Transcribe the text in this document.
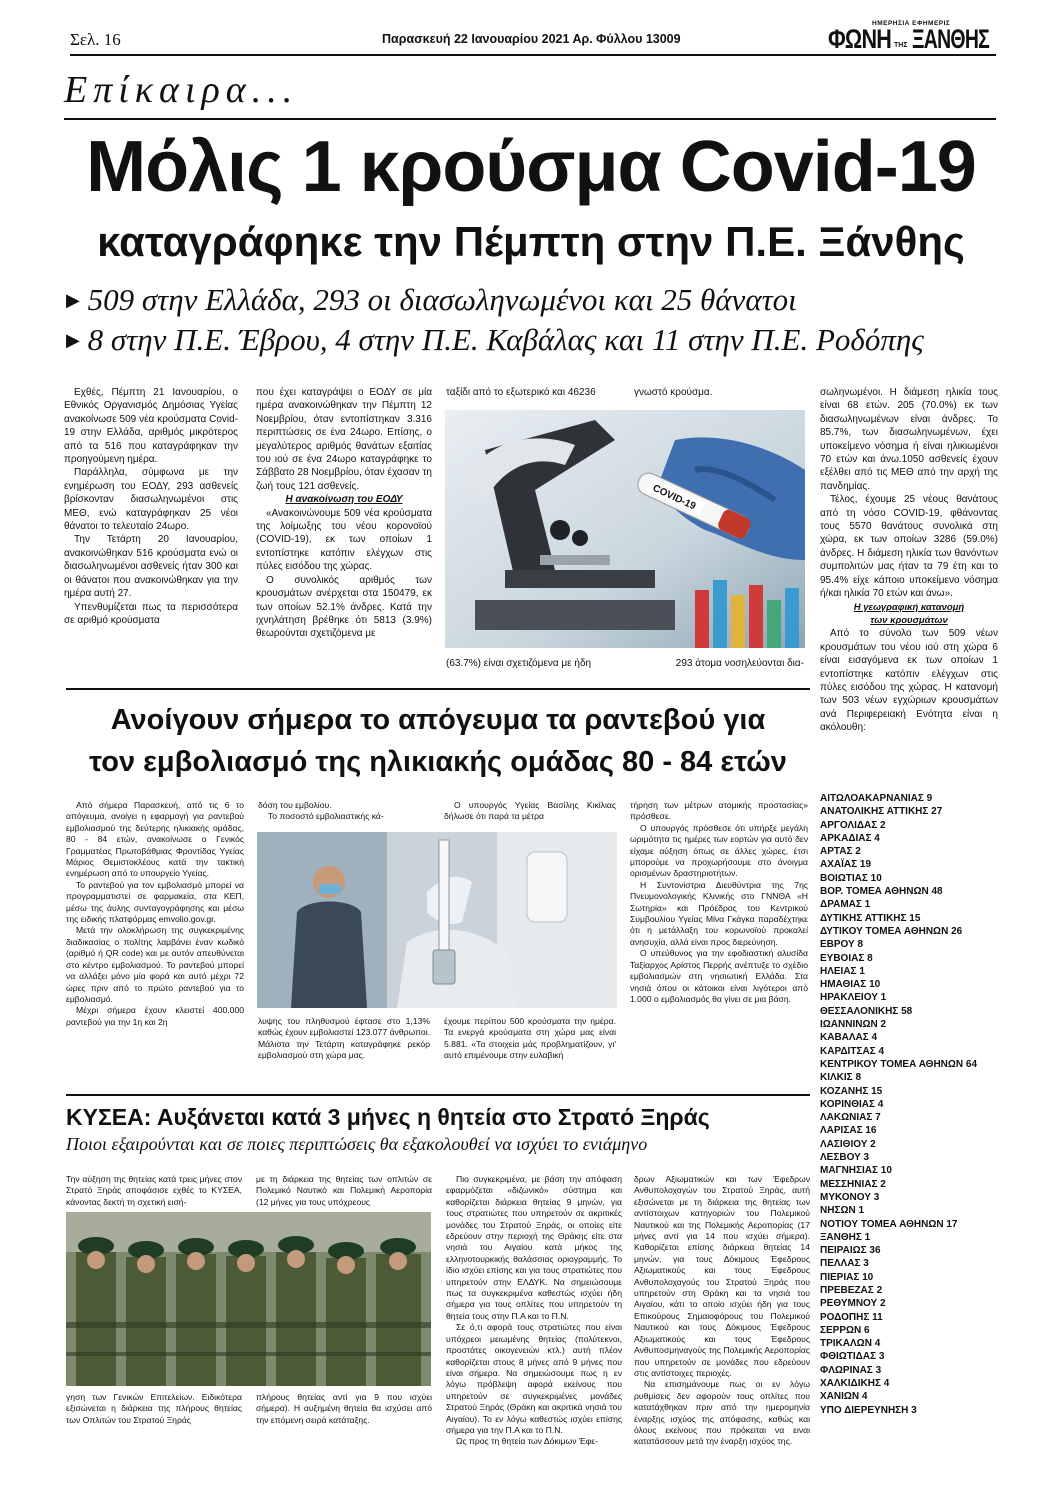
Σελ. 16	Παρασκευή 22 Ιανουαρίου 2021 Αρ. Φύλλου 13009
ΗΜΕΡΗΣΙΑ ΕΦΗΜΕΡΙΣ
ΦΩΝΗ ΤΗΣ ΞΑΝΘΗΣ
Επίκαιρα...
Μόλις 1 κρούσμα Covid-19
καταγράφηκε την Πέμπτη στην Π.Ε. Ξάνθης
▶ 509 στην Ελλάδα, 293 οι διασωληνωμένοι και 25 θάνατοι
▶ 8 στην Π.Ε. Έβρου, 4 στην Π.Ε. Καβάλας και 11 στην Π.Ε. Ροδόπης

Εχθές, Πέμπτη 21 Ιανουαρίου, ο Εθνικός Οργανισμός Δημόσιας Υγείας ανακοίνωσε 509 νέα κρούσματα Covid-19 στην Ελλάδα, αριθμός μικρότερος από τα 516 που καταγράφηκαν την προηγούμενη ημέρα.

Παράλληλα, σύμφωνα με την ενημέρωση του ΕΟΔΥ, 293 ασθενείς βρίσκονταν διασωληνωμένοι στις ΜΕΘ, ενώ καταγράφηκαν 25 νέοι θάνατοι το τελευταίο 24ωρο.

Την Τετάρτη 20 Ιανουαρίου, ανακοινώθηκαν 516 κρούσματα ενώ οι διασωληνωμένοι ασθενείς ήταν 300 και οι θάνατοι που ανακοινώθηκαν για την ημέρα αυτή 27.

Υπενθυμίζεται πως τα περισσότερα σε αριθμό κρούσματα

που έχει καταγράψει ο ΕΟΔΥ σε μία ημέρα ανακοινώθηκαν την Πέμπτη 12 Νοεμβρίου, όταν εντοπίστηκαν 3.316 περιπτώσεις σε ένα 24ωρο. Επίσης, ο μεγαλύτερος αριθμός θανάτων εξαιτίας του ιού σε ένα 24ωρο καταγράφηκε το Σάββατο 28 Νοεμβρίου, όταν έχασαν τη ζωή τους 121 ασθενείς.

Η ανακοίνωση του ΕΟΔΥ

«Ανακοινώνουμε 509 νέα κρούσματα της λοίμωξης του νέου κορονοϊού (COVID-19), εκ των οποίων 1 εντοπίστηκε κατόπιν ελέγχων στις πύλες εισόδου της χώρας.

Ο συνολικός αριθμός των κρουσμάτων ανέρχεται στα 150479, εκ των οποίων 52.1% άνδρες. Κατά την ιχνηλάτηση βρέθηκε ότι 5813 (3.9%) θεωρούνται σχετιζόμενα με

ταξίδι από το εξωτερικό και 46236	γνωστό κρούσμα.
COVID-19
(63.7%) είναι σχετιζόμενα με ήδη	293 άτομα νοσηλεύονται δια-

σωληνωμένοι. Η διάμεση ηλικία τους είναι 68 ετών. 205 (70.0%) εκ των διασωληνωμένων είναι άνδρες. Το 85.7%, των διασωληνωμένων, έχει υποκείμενο νόσημα ή είναι ηλικιωμένοι 70 ετών και άνω.1050 ασθενείς έχουν εξέλθει από τις ΜΕΘ από την αρχή της πανδημίας.

Τέλος, έχουμε 25 νέους θανάτους από τη νόσο COVID-19, φθάνοντας τους 5570 θανάτους συνολικά στη χώρα, εκ των οποίων 3286 (59.0%) άνδρες. Η διάμεση ηλικία των θανόντων συμπολιτών μας ήταν τα 79 έτη και το 95.4% είχε κάποιο υποκείμενο νόσημα ή/και ηλικία 70 ετών και άνω».

Η γεωγραφική κατανομή
των κρουσμάτων

Από το σύνολο των 509 νέων κρουσμάτων του νέου ιού στη χώρα 6 είναι εισαγόμενα εκ των οποίων 1 εντοπίστηκε κατόπιν ελέγχων στις πύλες εισόδου της χώρας. Η κατανομή των 503 νέων εγχώριων κρουσμάτων ανά Περιφερειακή Ενότητα είναι η ακόλουθη:

ΑΙΤΩΛΟΑΚΑΡΝΑΝΙΑΣ 9
ΑΝΑΤΟΛΙΚΗΣ ΑΤΤΙΚΗΣ 27
ΑΡΓΟΛΙΔΑΣ 2
ΑΡΚΑΔΙΑΣ 4
ΑΡΤΑΣ 2
ΑΧΑΪΑΣ 19
ΒΟΙΩΤΙΑΣ 10
ΒΟΡ. ΤΟΜΕΑ ΑΘΗΝΩΝ 48
ΔΡΑΜΑΣ 1
ΔΥΤΙΚΗΣ ΑΤΤΙΚΗΣ 15
ΔΥΤΙΚΟΥ ΤΟΜΕΑ ΑΘΗΝΩΝ 26
ΕΒΡΟΥ 8
ΕΥΒΟΙΑΣ 8
ΗΛΕΙΑΣ 1
ΗΜΑΘΙΑΣ 10
ΗΡΑΚΛΕΙΟΥ 1
ΘΕΣΣΑΛΟΝΙΚΗΣ 58
ΙΩΑΝΝΙΝΩΝ 2
ΚΑΒΑΛΑΣ 4
ΚΑΡΔΙΤΣΑΣ 4
ΚΕΝΤΡΙΚΟΥ ΤΟΜΕΑ ΑΘΗΝΩΝ 64
ΚΙΛΚΙΣ 8
ΚΟΖΑΝΗΣ 15
ΚΟΡΙΝΘΙΑΣ 4
ΛΑΚΩΝΙΑΣ 7
ΛΑΡΙΣΑΣ 16
ΛΑΣΙΘΙΟΥ 2
ΛΕΣΒΟΥ 3
ΜΑΓΝΗΣΙΑΣ 10
ΜΕΣΣΗΝΙΑΣ 2
ΜΥΚΟΝΟΥ 3
ΝΗΣΩΝ 1
ΝΟΤΙΟΥ ΤΟΜΕΑ ΑΘΗΝΩΝ 17
ΞΑΝΘΗΣ 1
ΠΕΙΡΑΙΩΣ 36
ΠΕΛΛΑΣ 3
ΠΙΕΡΙΑΣ 10
ΠΡΕΒΕΖΑΣ 2
ΡΕΘΥΜΝΟΥ 2
ΡΟΔΟΠΗΣ 11
ΣΕΡΡΩΝ 6
ΤΡΙΚΑΛΩΝ 4
ΦΘΙΩΤΙΔΑΣ 3
ΦΛΩΡΙΝΑΣ 3
ΧΑΛΚΙΔΙΚΗΣ 4
ΧΑΝΙΩΝ 4
ΥΠΟ ΔΙΕΡΕΥΝΗΣΗ 3
Ανοίγουν σήμερα το απόγευμα τα ραντεβού για
τον εμβολιασμό της ηλικιακής ομάδας 80 - 84 ετών

Από σήμερα Παρασκευή, από τις 6 το απόγευμα, ανοίγει η εφαρμογή για ραντεβού εμβολιασμού της δεύτερης ηλικιακής ομάδας, 80 - 84 ετών, ανακοίνωσε ο Γενικός Γραμματέας Πρωτοβάθμιας Φροντίδας Υγείας Μάριος Θεμιστοκλέους κατά την τακτική ενημέρωση από το υπουργείο Υγείας.

Το ραντεβού για τον εμβολιασμό μπορεί να προγραμματιστεί σε φαρμακεία, στα ΚΕΠ, μέσω της άυλης συνταγογράφησης και μέσω της ειδικής πλατφόρμας emvolio.gov.gr.

Μετά την ολοκλήρωση της συγκεκριμένης διαδικασίας ο πολίτης λαμβάνει έναν κωδικό (αριθμό ή QR code) και με αυτόν απευθύνεται στο κέντρο εμβολιασμού. Το ραντεβού μπορεί να αλλάξει μόνο μία φορά και αυτό μέχρι 72 ώρες πριν από το πρώτο ραντεβού για το εμβολιασμό.

Μέχρι σήμερα έχουν κλειστεί 400.000 ραντεβού για την 1η και 2η

δόση του εμβολίου.

Το ποσοστό εμβολιαστικής κά-

Ο υπουργός Υγείας Βασίλης Κικίλιας δήλωσε ότι παρά τα μέτρα

λυψης του πληθυσμού έφτασε στο 1,13% καθώς έχουν εμβολιαστεί 123.077 άνθρωποι. Μάλιστα την Τετάρτη καταγράφηκε ρεκόρ εμβολιασμού στη χώρα μας.
έχουμε περίπου 500 κρούσματα την ημέρα. Τα ενεργά κρούσματα στη χώρα μας είναι 5.881. «Τα στοιχεία μάς προβληματίζουν, γι' αυτό επιμένουμε στην ευλαβική

τήρηση των μέτρων ατομικής προστασίας» πρόσθεσε.

Ο υπουργός πρόσθεσε ότι υπήρξε μεγάλη ωριμότητα τις ημέρες των εορτών για αυτό δεν είχαμε αύξηση όπως σε άλλες χώρες, έτσι μπορούμε να προχωρήσουμε στο άνοιγμα ορισμένων δραστηριοτήτων.

Η Συντονίστρια Διευθύντρια της 7ης Πνευμονολογικής Κλινικής στο ΓΝΝΘΑ «Η Σωτηρία» και Πρόεδρος του Κεντρικού Συμβουλίου Υγείας Μίνα Γκάγκα παραδέχτηκε ότι η μετάλλαξη του κορωνοϊού προκαλεί ανησυχία, αλλά είναι προς διερεύνηση.

Ο υπεύθυνος για την εφοδιαστική αλυσίδα Ταξίαρχος Αρίστος Περρής ανέπτυξε το σχέδιο εμβολιασμών στη νησιωτική Ελλάδα. Στα νησιά όπου οι κάτοικοι είναι λιγότεροι από 1.000 ο εμβολιασμός θα γίνει σε μια βάση.

ΚΥΣΕΑ: Αυξάνεται κατά 3 μήνες η θητεία στο Στρατό Ξηράς
Ποιοι εξαιρούνται και σε ποιες περιπτώσεις θα εξακολουθεί να ισχύει το ενιάμηνο
Την αύξηση της θητείας κατά τρεις μήνες στον Στρατό Ξηράς αποφάσισε εχθές το ΚΥΣΕΑ, κάνοντας δεκτή τη σχετική εισή-
με τη διάρκεια της θητείας των οπλιτών σε Πολεμικό Ναυτικό και Πολεμική Αεροπορία (12 μήνες για τους υπόχρεους
γηση των Γενικών Επιτελείων. Ειδικότερα εξισώνεται η διάρκεια της πλήρους θητείας των Οπλιτών του Στρατού Ξηράς
πλήρους θητείας αντί για 9 που ισχύει σήμερα). Η αυξημένη θητεία θα ισχύσει από την επόμενη σειρά κατάταξης.

Πιο συγκεκριμένα, με βάση την απόφαση εφαρμόζεται «διζωνικό» σύστημα και καθορίζεται διάρκεια θητείας 9 μηνών, για τους στρατιώτες που υπηρετούν σε ακριτικές μονάδες του Στρατού Ξηράς, οι οποίες είτε εδρεύουν στην περιοχή της Θράκης είτε στα νησιά του Αιγαίου κατά μήκος της ελληνοτουρκικής θαλάσσιας οριογραμμής. Το ίδιο ισχύει επίσης και για τους στρατιώτες που υπηρετούν στην ΕΛΔΥΚ. Να σημειώσουμε πως τα συγκεκριμένα καθεστώς ισχύει ήδη σήμερα για τους οπλίτες που υπηρετούν τη θητεία τους στην Π.Α και το Π.Ν.

Σε ό,τι αφορά τους στρατιώτες που είναι υπόχρεοι μειωμένης θητείας (πολύτεκνοι, προστάτες οικογενειών κτλ.) αυτή πλέον καθορίζεται στους 8 μήνες από 9 μήνες που είναι σήμερα. Να σημειώσουμε πως η εν λόγω πρόβλεψη αφορά εκείνους που υπηρετούν σε συγκεκριμένες μονάδες Στρατού Ξηράς (Θράκη και ακριτικά νησιά του Αιγαίου). Το εν λόγω καθεστώς ισχύει επίσης σήμερα για την Π.Α και το Π.Ν.

Ως προς τη θητεία των Δόκιμων Έφε-

δρων Αξιωματικών και των Έφεδρων Ανθυπολοχαγών του Στρατού Ξηράς, αυτή εξισώνεται με τη διάρκεια της θητείας των αντίστοιχων κατηγοριών του Πολεμικού Ναυτικού και της Πολεμικής Αεροπορίας (17 μήνες αντί για 14 που ισχύει σήμερα). Καθορίζεται επίσης διάρκεια θητείας 14 μηνών, για τους Δόκιμους Έφεδρους Αξιωματικούς και τους Έφεδρους Ανθυπολοχαγούς του Στρατού Ξηράς που υπηρετούν στη Θράκη και τα νησιά του Αιγαίου, κάτι το οποίο ισχύει ήδη για τους Επικούρους Σημαιοφόρους του Πολεμικού Ναυτικού και τους Δόκιμους Έφεδρους Αξιωματικούς και τους Έφεδρους Ανθυποσμηναγούς της Πολεμικής Αεροπορίας που υπηρετούν σε μονάδες που εδρεύουν στις αντίστοιχες περιοχές.

Να επισημάνουμε πως οι εν λόγω ρυθμίσεις δεν αφορούν τους οπλίτες που κατατάχθηκαν πριν από την ημερομηνία έναρξης ισχύος της απόφασης, καθώς και όλους εκείνους που πρόκειται να ειναι κατατάσσουν μετά την έναρξη ισχύος της.
